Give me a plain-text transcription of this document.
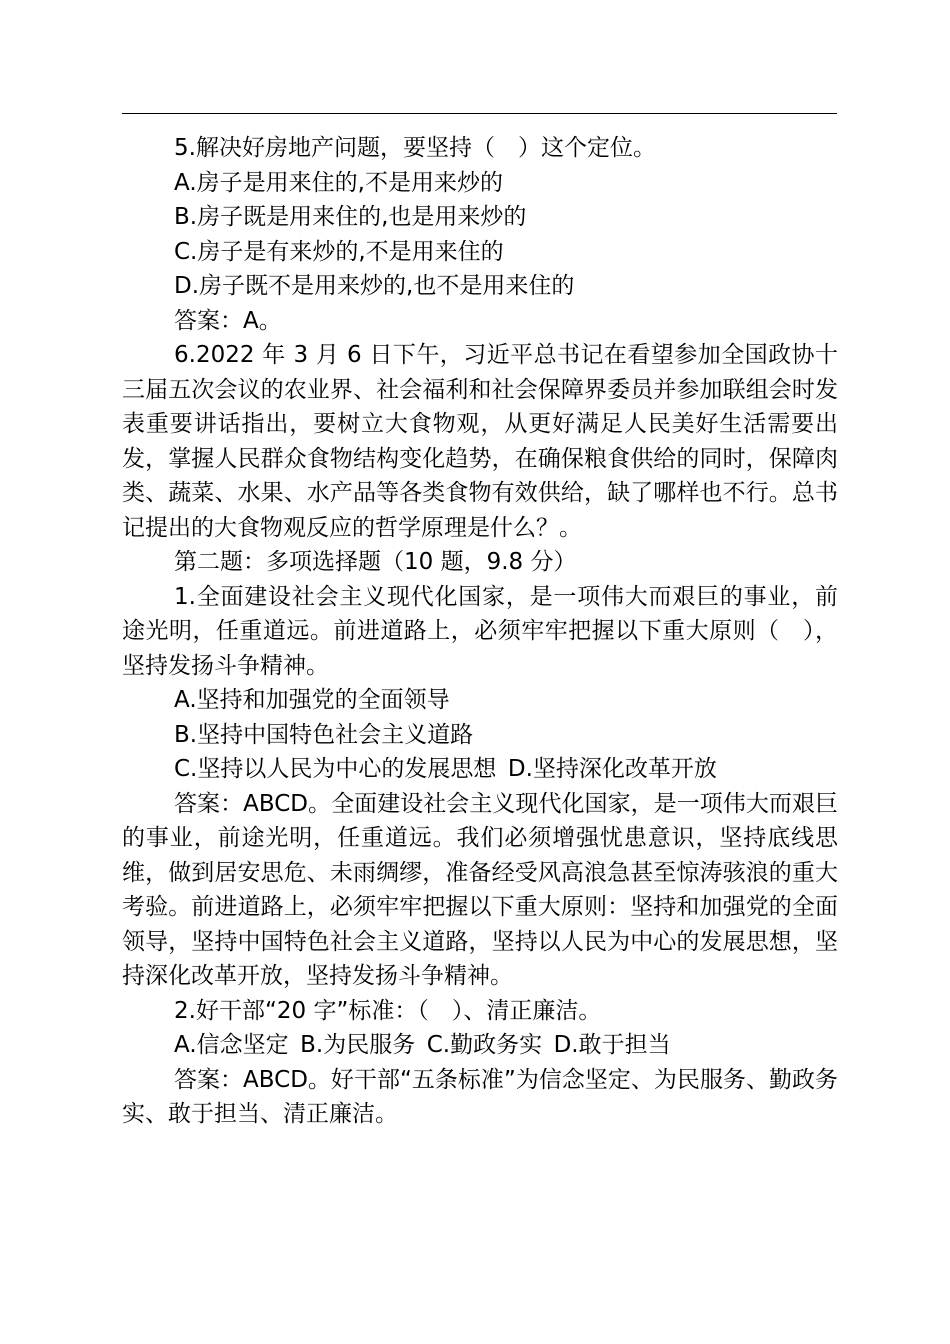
5.解决好房地产问题，要坚持（　）这个定位。

A.房子是用来住的,不是用来炒的

B.房子既是用来住的,也是用来炒的

C.房子是有来炒的,不是用来住的

D.房子既不是用来炒的,也不是用来住的

答案：A。

6.2022 年 3 月 6 日下午，习近平总书记在看望参加全国政协十三届五次会议的农业界、社会福利和社会保障界委员并参加联组会时发表重要讲话指出，要树立大食物观，从更好满足人民美好生活需要出发，掌握人民群众食物结构变化趋势，在确保粮食供给的同时，保障肉类、蔬菜、水果、水产品等各类食物有效供给，缺了哪样也不行。总书记提出的大食物观反应的哲学原理是什么？。

第二题：多项选择题（10 题，9.8 分）

1.全面建设社会主义现代化国家，是一项伟大而艰巨的事业，前途光明，任重道远。前进道路上，必须牢牢把握以下重大原则（　），坚持发扬斗争精神。

A.坚持和加强党的全面领导

B.坚持中国特色社会主义道路

C.坚持以人民为中心的发展思想 D.坚持深化改革开放

答案：ABCD。全面建设社会主义现代化国家，是一项伟大而艰巨的事业，前途光明，任重道远。我们必须增强忧患意识，坚持底线思维，做到居安思危、未雨绸缪，准备经受风高浪急甚至惊涛骇浪的重大考验。前进道路上，必须牢牢把握以下重大原则：坚持和加强党的全面领导，坚持中国特色社会主义道路，坚持以人民为中心的发展思想，坚持深化改革开放，坚持发扬斗争精神。

2.好干部“20 字”标准：（　）、清正廉洁。

A.信念坚定 B.为民服务 C.勤政务实 D.敢于担当

答案：ABCD。好干部“五条标准”为信念坚定、为民服务、勤政务实、敢于担当、清正廉洁。
